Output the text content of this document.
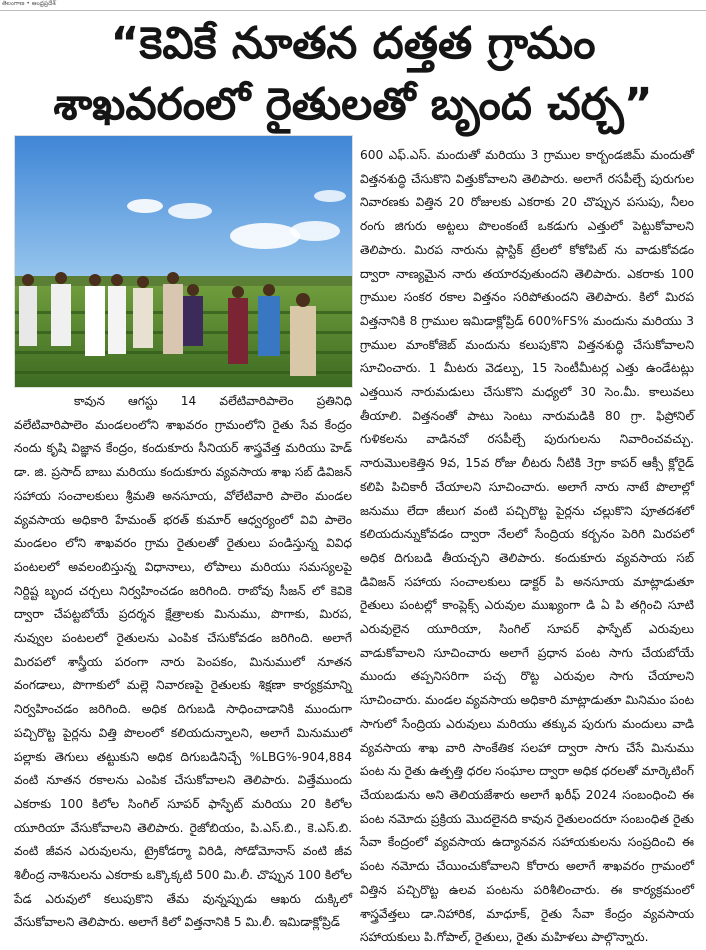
తెలంగాణ • ఆంధ్రప్రదేశ్
“కెవికే నూతన దత్తత గ్రామం
శాఖవరంలో రైతులతో బృంద చర్చ”

కావున ఆగస్టు 14 వలేటివారిపాలెం ప్రతినిధి వలేటివారిపాలెం మండలంలోని శాఖవరం గ్రామంలోని రైతు సేవ కేంద్రం నందు కృషి విజ్ఞాన కేంద్రం, కందుకూరు సీనియర్ శాస్త్రవేత్త మరియు హెడ్ డా. జి. ప్రసాద్ బాబు మరియు కందుకూరు వ్యవసాయ శాఖ సబ్ డివిజన్ సహాయ సంచాలకులు శ్రీమతి అనసూయ, వోలేటివారి పాలెం మండల వ్యవసాయ అధికారి హేమంత్ భరత్ కుమార్ ఆధ్వర్యంలో వివి పాలెం మండలం లోని శాఖవరం గ్రామ రైతులతో రైతులు పండిస్తున్న వివిధ పంటలలో అవలంబిస్తున్న విధానాలు, లోపాలు మరియు సమస్యలపై నిర్దిష్ట బృంద చర్చలు నిర్వహించడం జరిగింది. రాబోవు సీజన్ లో కెవికె ద్వారా చేపట్టబోయే ప్రదర్శన క్షేత్రాలకు మినుము, పొగాకు, మిరప, నువ్వుల పంటలలో రైతులను ఎంపిక చేసుకోవడం జరిగింది. అలాగే మిరపలో శాస్త్రీయ పరంగా నారు పెంపకం, మినుములో నూతన వంగడాలు, పొగాకులో మల్లె నివారణపై రైతులకు శిక్షణా కార్యక్రమాన్ని నిర్వహించడం జరిగింది. అధిక దిగుబడి సాధించాడానికి ముందుగా పచ్చిరొట్ట పైర్లను విత్తి పొలంలో కలియదున్నాలని, అలాగే మినుములో పల్లాకు తెగులు తట్టుకుని అధిక దిగుబడినిచ్చే %LBG%-904,884 వంటి నూతన రకాలను ఎంపిక చేసుకోవాలని తెలిపారు. విత్తేముందు ఎకరాకు 100 కిలోల సింగిల్ సూపర్ ఫాస్ఫేట్ మరియు 20 కిలోల యూరియా వేసుకోవాలని తెలిపారు. రైజోబియం, పి.ఎస్.బి., కె.ఎస్.బి. వంటి జీవన ఎరువులను, ట్రైకోడర్మా విరిడి, సోడోమోనాస్ వంటి జీవ శిలీంద్ర నాశినులను ఎకరాకు ఒక్కొక్కటి 500 మి.లీ. చొప్పున 100 కిలోల పేడ ఎరువులో కలుపుకొని తేమ వున్నప్పుడు ఆఖరు దుక్కిలో వేసుకోవాలని తెలిపారు. అలాగే కిలో విత్తనానికి 5 మి.లీ. ఇమిడాక్లోప్రిడ్

600 ఎఫ్.ఎస్. మందుతో మరియు 3 గ్రాముల కార్బండజిమ్ మందుతో విత్తనశుద్ధి చేసుకొని విత్తుకోవాలని తెలిపారు. అలాగే రసపీల్చే పురుగుల నివారణకు విత్తిన 20 రోజులకు ఎకరాకు 20 చొప్పున పసుపు, నీలం రంగు జిగురు అట్టలు పొలంకంటే ఒకడుగు ఎత్తులో పెట్టుకోవాలని తెలిపారు. మిరప నారును ప్లాస్టిక్ ట్రేలలో కోకోపిట్ ను వాడుకోవడం ద్వారా నాణ్యమైన నారు తయారవుతుందని తెలిపారు. ఎకరాకు 100 గ్రాముల సంకర రకాల విత్తనం సరిపోతుందని తెలిపారు. కిలో మిరప విత్తనానికి 8 గ్రాముల ఇమిడాక్లోప్రిడ్ 600%FS% మందును మరియు 3 గ్రాముల మాంకోజెబ్ మందును కలుపుకొని విత్తనశుద్ధి చేసుకోవాలని సూచించారు. 1 మీటరు వెడల్పు, 15 సెంటీమీటర్ల ఎత్తు ఉండేటట్లు ఎత్తయిన నారుమడులు చేసుకొని మధ్యలో 30 సెం.మీ. కాలువలు తీయాలి. విత్తనంతో పాటు సెంటు నారుమడికి 80 గ్రా. ఫిప్రోనిల్ గుళికలను వాడినచో రసపీల్చే పురుగులను నివారించవచ్చు. నారుమొలకెత్తిన 9వ, 15వ రోజు లీటరు నీటికి 3గ్రా కాపర్ ఆక్సీ క్లోరైడ్ కలిపి పిచికారీ చేయాలని సూచించారు. అలాగే నారు నాటే పొలాల్లో జనుము లేదా జీలుగ వంటి పచ్చిరొట్ట పైర్లను చల్లుకొని పూతదశలో కలియదున్నుకోవడం ద్వారా నేలలో సేంద్రియ కర్బనం పెరిగి మిరపలో అధిక దిగుబడి తీయచ్చని తెలిపారు. కందుకూరు వ్యవసాయ సబ్ డివిజన్ సహాయ సంచాలకులు డాక్టర్ పి అనసూయ మాట్లాడుతూ రైతులు పంటల్లో కాంప్లెక్స్ ఎరువుల ముఖ్యంగా డి ఏ పి తగ్గించి సూటి ఎరువులైన యూరియా, సింగిల్ సూపర్ ఫాస్ఫేట్ ఎరువులు వాడుకోవాలని సూచించారు అలాగే ప్రధాన పంట సాగు చేయబోయే ముందు తప్పనిసరిగా పచ్చ రొట్ట ఎరువుల సాగు చేయాలని సూచించారు. మండల వ్యవసాయ అధికారి మాట్లాడుతూ మినిమం పంట సాగులో సేంద్రియ ఎరువులు మరియు తక్కువ పురుగు మందులు వాడి వ్యవసాయ శాఖ వారి సాంకేతిక సలహా ద్వారా సాగు చేసే మినుము పంట ను రైతు ఉత్పత్తి ధరల సంఘాల ద్వారా అధిక ధరలతో మార్కెటింగ్ చేయబడును అని తెలియజేశారు అలాగే ఖరీఫ్ 2024 సంబంధించి ఈ పంట నమోదు ప్రక్రియ మొదలైనది కావున రైతులందరూ సంబంధిత రైతు సేవా కేంద్రంలో వ్యవసాయ ఉద్యానవన సహాయకులను సంప్రదించి ఈ పంట నమోదు చేయించుకోవాలని కోరారు అలాగే శాఖవరం గ్రామంలో విత్తిన పచ్చిరొట్ట ఉలవ పంటను పరిశీలించారు. ఈ కార్యక్రమంలో శాస్త్రవేత్తలు డా.నిహారిక, మాధూక్, రైతు సేవా కేంద్రం వ్యవసాయ సహాయకులు పి.గోపాల్, రైతులు, రైతు మహిళలు పాల్గొన్నారు.
